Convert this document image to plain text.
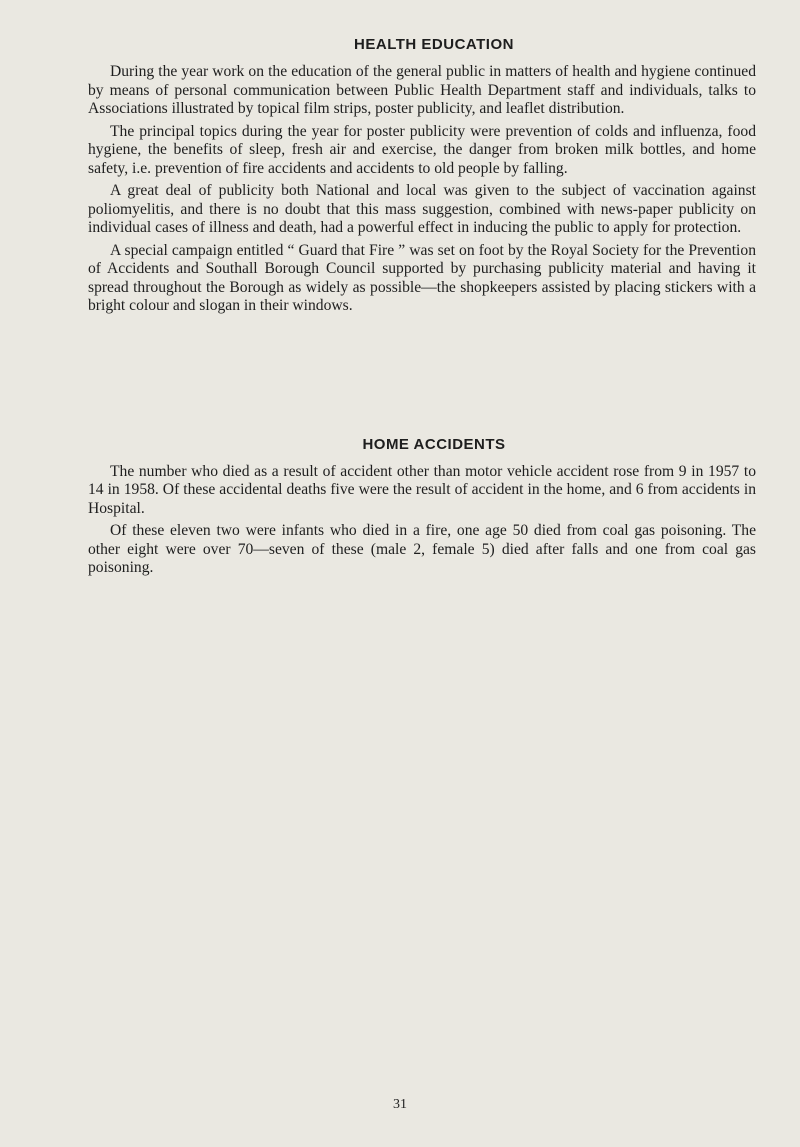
HEALTH EDUCATION

During the year work on the education of the general public in matters of health and hygiene continued by means of personal communication between Public Health Department staff and individuals, talks to Associations illustrated by topical film strips, poster publicity, and leaflet distribution.

The principal topics during the year for poster publicity were prevention of colds and influenza, food hygiene, the benefits of sleep, fresh air and exercise, the danger from broken milk bottles, and home safety, i.e. prevention of fire accidents and accidents to old people by falling.

A great deal of publicity both National and local was given to the subject of vaccination against poliomyelitis, and there is no doubt that this mass suggestion, combined with news-paper publicity on individual cases of illness and death, had a powerful effect in inducing the public to apply for protection.

A special campaign entitled “ Guard that Fire ” was set on foot by the Royal Society for the Prevention of Accidents and Southall Borough Council supported by purchasing publicity material and having it spread throughout the Borough as widely as possible—the shopkeepers assisted by placing stickers with a bright colour and slogan in their windows.

HOME ACCIDENTS

The number who died as a result of accident other than motor vehicle accident rose from 9 in 1957 to 14 in 1958. Of these accidental deaths five were the result of accident in the home, and 6 from accidents in Hospital.

Of these eleven two were infants who died in a fire, one age 50 died from coal gas poisoning. The other eight were over 70—seven of these (male 2, female 5) died after falls and one from coal gas poisoning.

31
